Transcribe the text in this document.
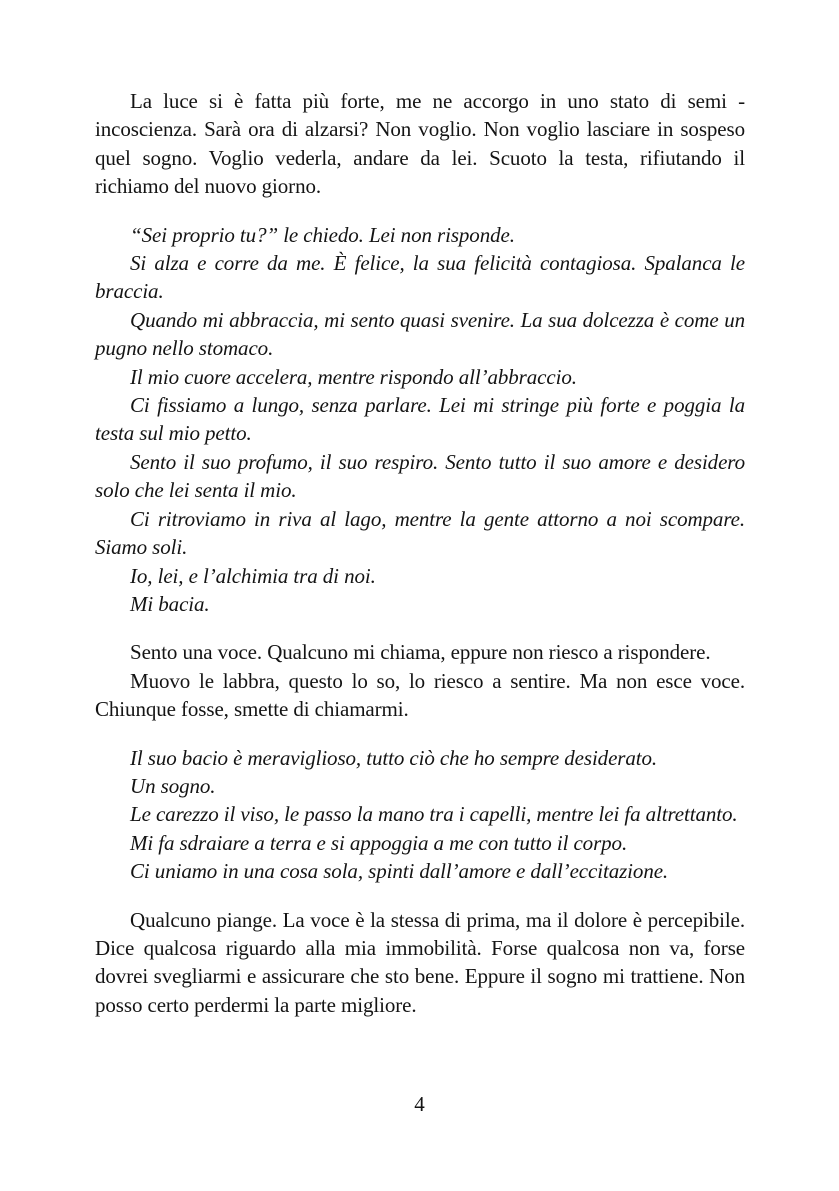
La luce si è fatta più forte, me ne accorgo in uno stato di semi - incoscienza. Sarà ora di alzarsi? Non voglio. Non voglio lasciare in sospeso quel sogno. Voglio vederla, andare da lei. Scuoto la testa, rifiutando il richiamo del nuovo giorno.

“Sei proprio tu?” le chiedo. Lei non risponde.

Si alza e corre da me. È felice, la sua felicità contagiosa. Spalanca le braccia.

Quando mi abbraccia, mi sento quasi svenire. La sua dolcezza è come un pugno nello stomaco.

Il mio cuore accelera, mentre rispondo all’abbraccio.

Ci fissiamo a lungo, senza parlare. Lei mi stringe più forte e poggia la testa sul mio petto.

Sento il suo profumo, il suo respiro. Sento tutto il suo amore e desidero solo che lei senta il mio.

Ci ritroviamo in riva al lago, mentre la gente attorno a noi scompare. Siamo soli.

Io, lei, e l’alchimia tra di noi.

Mi bacia.

Sento una voce. Qualcuno mi chiama, eppure non riesco a rispondere.

Muovo le labbra, questo lo so, lo riesco a sentire. Ma non esce voce. Chiunque fosse, smette di chiamarmi.

Il suo bacio è meraviglioso, tutto ciò che ho sempre desiderato.

Un sogno.

Le carezzo il viso, le passo la mano tra i capelli, mentre lei fa altrettanto.

Mi fa sdraiare a terra e si appoggia a me con tutto il corpo.

Ci uniamo in una cosa sola, spinti dall’amore e dall’eccitazione.

Qualcuno piange. La voce è la stessa di prima, ma il dolore è percepibile. Dice qualcosa riguardo alla mia immobilità. Forse qualcosa non va, forse dovrei svegliarmi e assicurare che sto bene. Eppure il sogno mi trattiene. Non posso certo perdermi la parte migliore.

4
